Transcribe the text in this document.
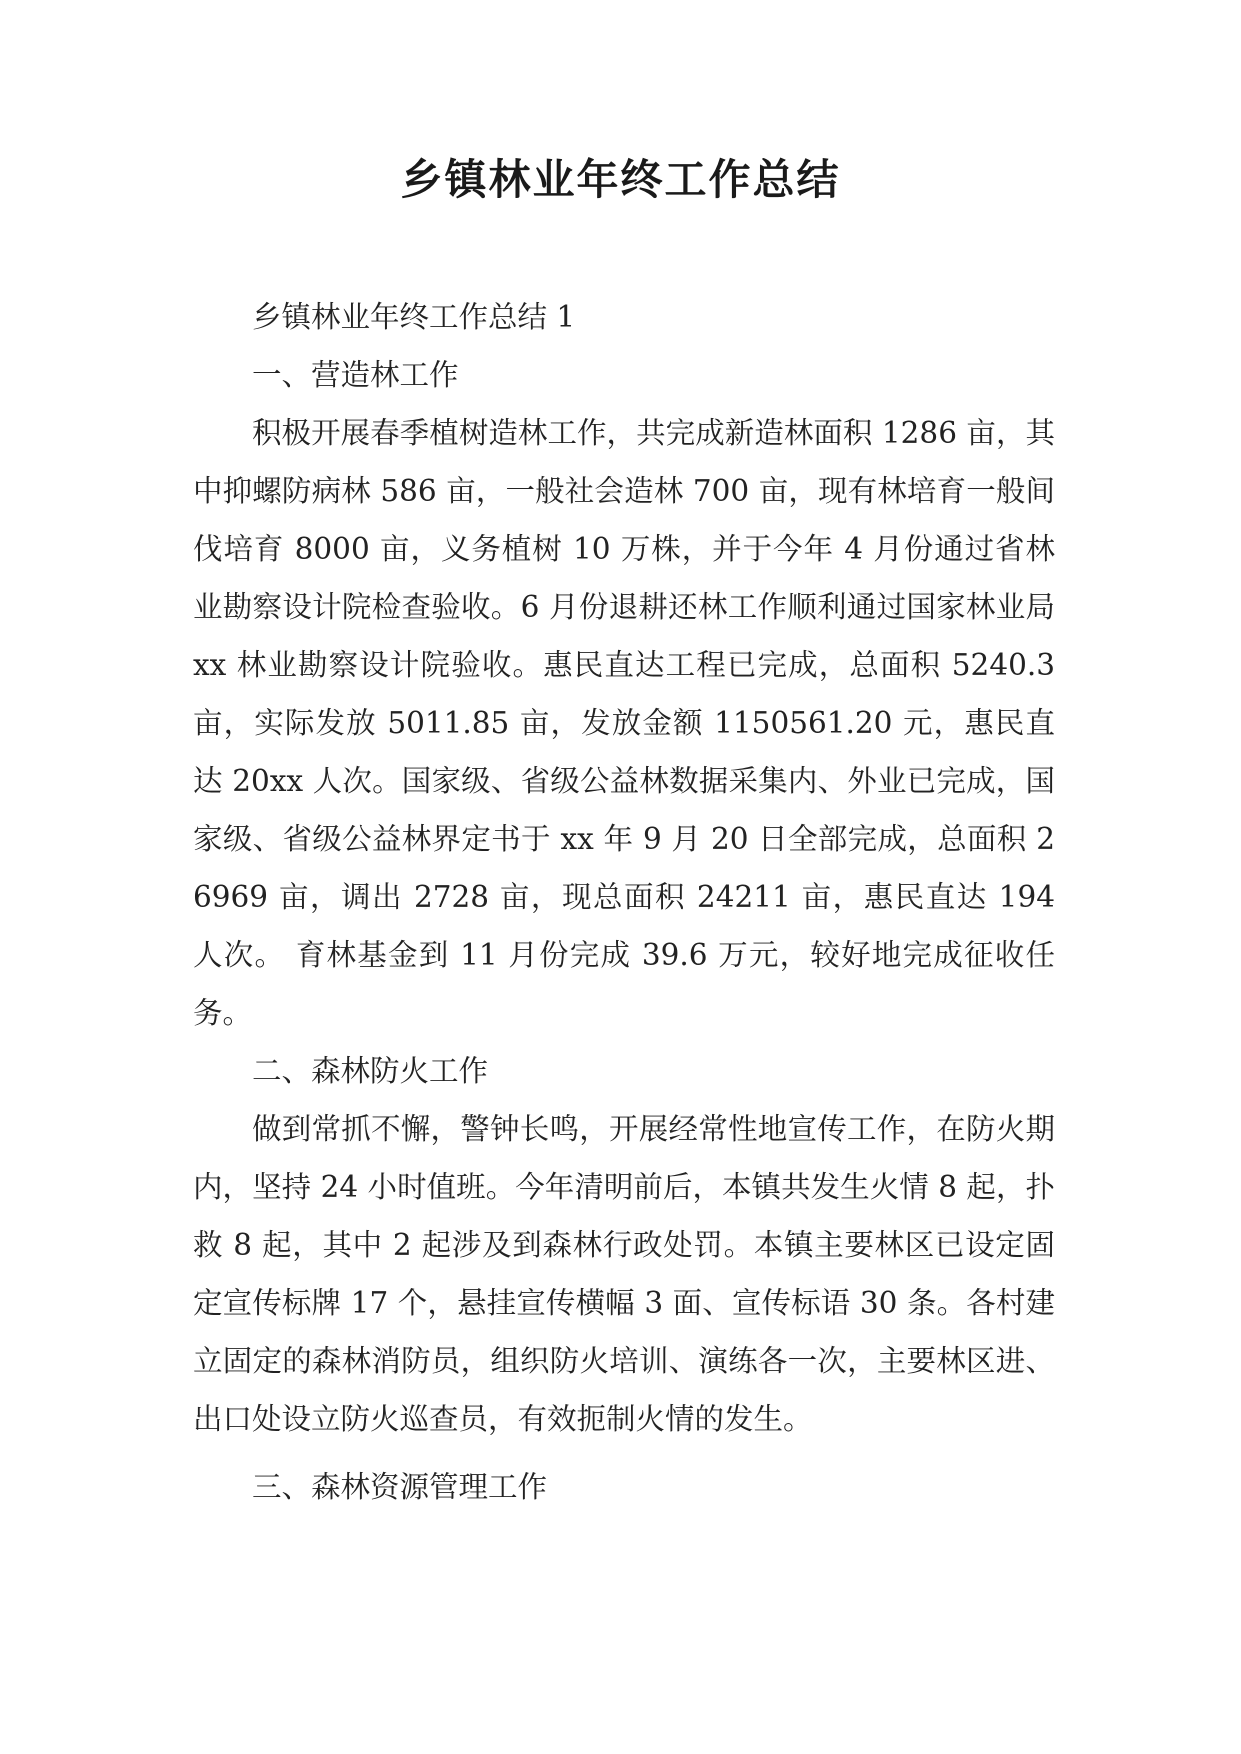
乡镇林业年终工作总结

乡镇林业年终工作总结 1

一、营造林工作

积极开展春季植树造林工作，共完成新造林面积 1286 亩，其中抑螺防病林 586 亩，一般社会造林 700 亩，现有林培育一般间伐培育 8000 亩，义务植树 10 万株，并于今年 4 月份通过省林业勘察设计院检查验收。6 月份退耕还林工作顺利通过国家林业局 xx 林业勘察设计院验收。惠民直达工程已完成，总面积 5240.3 亩，实际发放 5011.85 亩，发放金额 1150561.20 元，惠民直达 20xx 人次。国家级、省级公益林数据采集内、外业已完成，国家级、省级公益林界定书于 xx 年 9 月 20 日全部完成，总面积 26969 亩，调出 2728 亩，现总面积 24211 亩，惠民直达 194 人次。 育林基金到 11 月份完成 39.6 万元，较好地完成征收任务。

二、森林防火工作

做到常抓不懈，警钟长鸣，开展经常性地宣传工作，在防火期内，坚持 24 小时值班。今年清明前后，本镇共发生火情 8 起，扑救 8 起，其中 2 起涉及到森林行政处罚。本镇主要林区已设定固定宣传标牌 17 个，悬挂宣传横幅 3 面、宣传标语 30 条。各村建立固定的森林消防员，组织防火培训、演练各一次，主要林区进、出口处设立防火巡查员，有效扼制火情的发生。

三、森林资源管理工作
